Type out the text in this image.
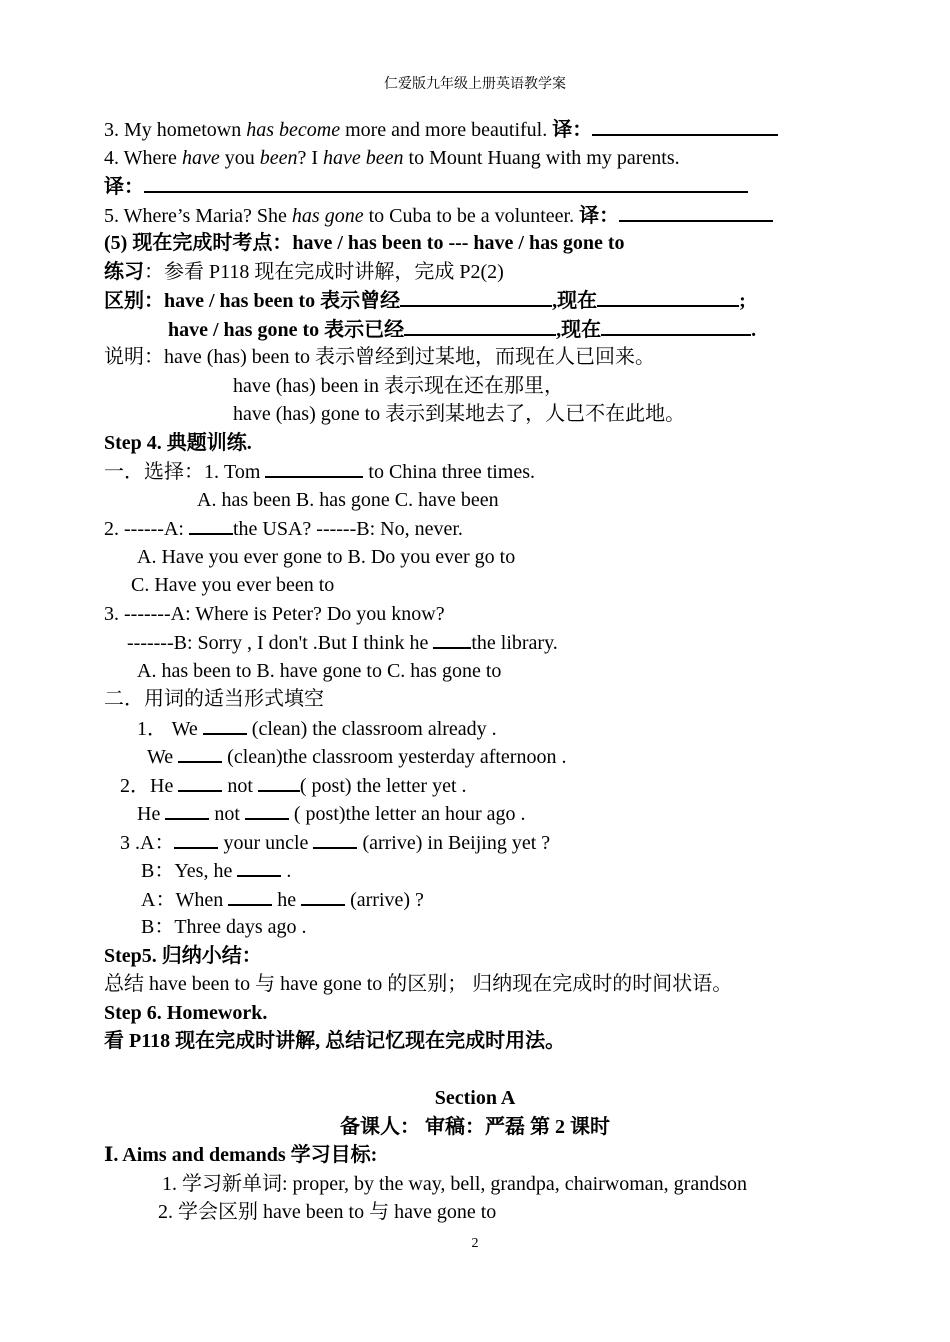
仁爱版九年级上册英语教学案
3. My hometown has become more and more beautiful. 译：
4. Where have you been? I have been to Mount Huang with my parents.
译：
5. Where’s Maria? She has gone to Cuba to be a volunteer. 译：
(5) 现在完成时考点：have / has been to --- have / has gone to
练习：参看 P118 现在完成时讲解，完成 P2(2)
区别：have / has been to 表示曾经	,现在	;
have / has gone to 表示已经	,现在	.
说明：have (has) been to 表示曾经到过某地，而现在人已回来。
have (has) been in 表示现在还在那里，
have (has) gone to 表示到某地去了，人已不在此地。
Step 4. 典题训练.
一．选择：1. Tom	to China three times.
A. has been B. has gone C. have been
2. ------A: the USA? ------B: No, never.
A. Have you ever gone to B. Do you ever go to
C. Have you ever been to
3. -------A: Where is Peter? Do you know?
-------B: Sorry , I don't .But I think he the library.
A. has been to B. have gone to C. has gone to
二．用词的适当形式填空
1． We  (clean) the classroom already .
We  (clean)the classroom yesterday afternoon .
2．He  not ( post) the letter yet .
He  not  ( post)the letter an hour ago .
3 .A： your uncle  (arrive) in Beijing yet ?
B：Yes, he  .
A：When  he  (arrive) ?
B：Three days ago .
Step5. 归纳小结：
总结 have been to 与 have gone to 的区别； 归纳现在完成时的时间状语。
Step 6. Homework.
看 P118 现在完成时讲解, 总结记忆现在完成时用法。
Section A
备课人： 审稿：严磊 第 2 课时
Ⅰ. Aims and demands 学习目标:
1. 学习新单词: proper, by the way, bell, grandpa, chairwoman, grandson
2. 学会区别 have been to 与 have gone to
2
